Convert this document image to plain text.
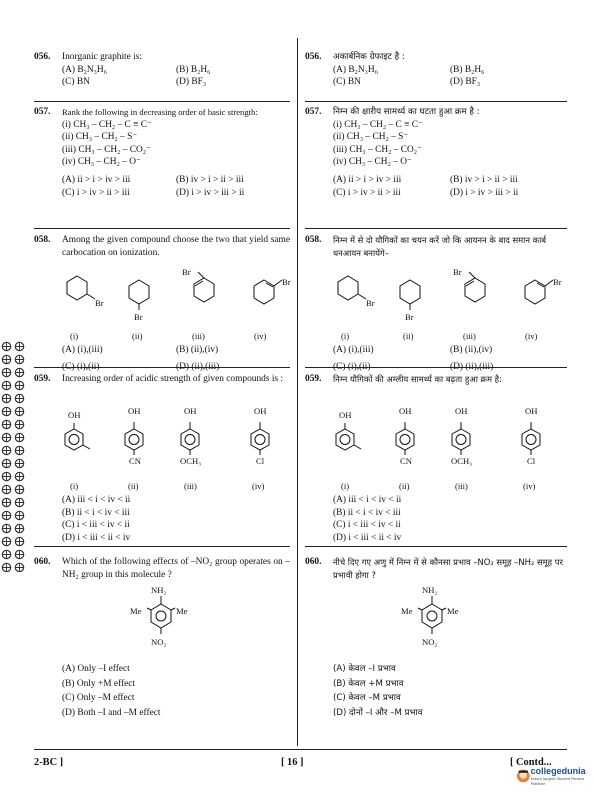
056.	Inorganic graphite is:
(A) B₂N₃H₆	(B) B₂H₆
(C) BN	(D) BF₃
057.	Rank the following in decreasing order of basic strength:
(i) CH₃ – CH₂ – C ≡ C⁻
(ii) CH₃ – CH₂ – S⁻
(iii) CH₃ – CH₂ – CO₂⁻
(iv) CH₃ – CH₂ – O⁻
(A) ii > i > iv > iii	(B) iv > i > ii > iii
(C) i > iv > ii > iii	(D) i > iv > iii > ii
058.	Among the given compound choose the two that yield same carbocation on ionization.
Br
Br
Br
Br
(i)	(ii)	(iii)	(iv)
(A) (i),(iii)	(B) (ii),(iv)
(C) (i),(ii)	(D) (ii),(iii)
059.	Increasing order of acidic strength of given compounds is :
OH	OH	OH	OH
CN	OCH₃	Cl
(i)	(ii)	(iii)	(iv)
(A) iii < i < iv < ii
(B) ii < i < iv < iii
(C) i < iii < iv < ii
(D) i < iii < ii < iv
060.	Which of the following effects of –NO₂ group operates on –NH₂ group in this molecule ?
NH₂
Me	Me
NO₂
(A) Only –I effect
(B) Only +M effect
(C) Only –M effect
(D) Both –I and –M effect
056.	अकार्बनिक ग्रेफाइट है :
(A) B₂N₃H₆	(B) B₂H₆
(C) BN	(D) BF₃
057.	निम्न की क्षारीय सामर्थ्य का घटता हुआ क्रम है :
(i) CH₃ – CH₂ – C ≡ C⁻
(ii) CH₃ – CH₂ – S⁻
(iii) CH₃ – CH₂ – CO₂⁻
(iv) CH₃ – CH₂ – O⁻
(A) ii > i > iv > iii	(B) iv > i > ii > iii
(C) i > iv > ii > iii	(D) i > iv > iii > ii
058.	निम्न में से दो यौगिकों का चयन करें जो कि आयनन के बाद समान कार्ब धनआयन बनायेंगे–
Br
Br
Br
Br
(i)	(ii)	(iii)	(iv)
(A) (i),(iii)	(B) (ii),(iv)
(C) (i),(ii)	(D) (ii),(iii)
059.	निम्न यौगिकों की अम्लीय सामर्थ्य का बढ़ता हुआ क्रम है:
OH	OH	OH	OH
CN	OCH₃	Cl
(i)	(ii)	(iii)	(iv)
(A) iii < i < iv < ii
(B) ii < i < iv < iii
(C) i < iii < iv < ii
(D) i < iii < ii < iv
060.	नीचे दिए गए अणु में निम्न में से कौनसा प्रभाव –NO₂ समूह –NH₂ समूह पर प्रभावी होगा ?
NH₂
Me	Me
NO₂
(A) केवल –I प्रभाव
(B) केवल +M प्रभाव
(C) केवल –M प्रभाव
(D) दोनों –I और –M प्रभाव
2-BC ]	[ 16 ]	[ Contd...
collegedunia
India's largest Student Review Platform
